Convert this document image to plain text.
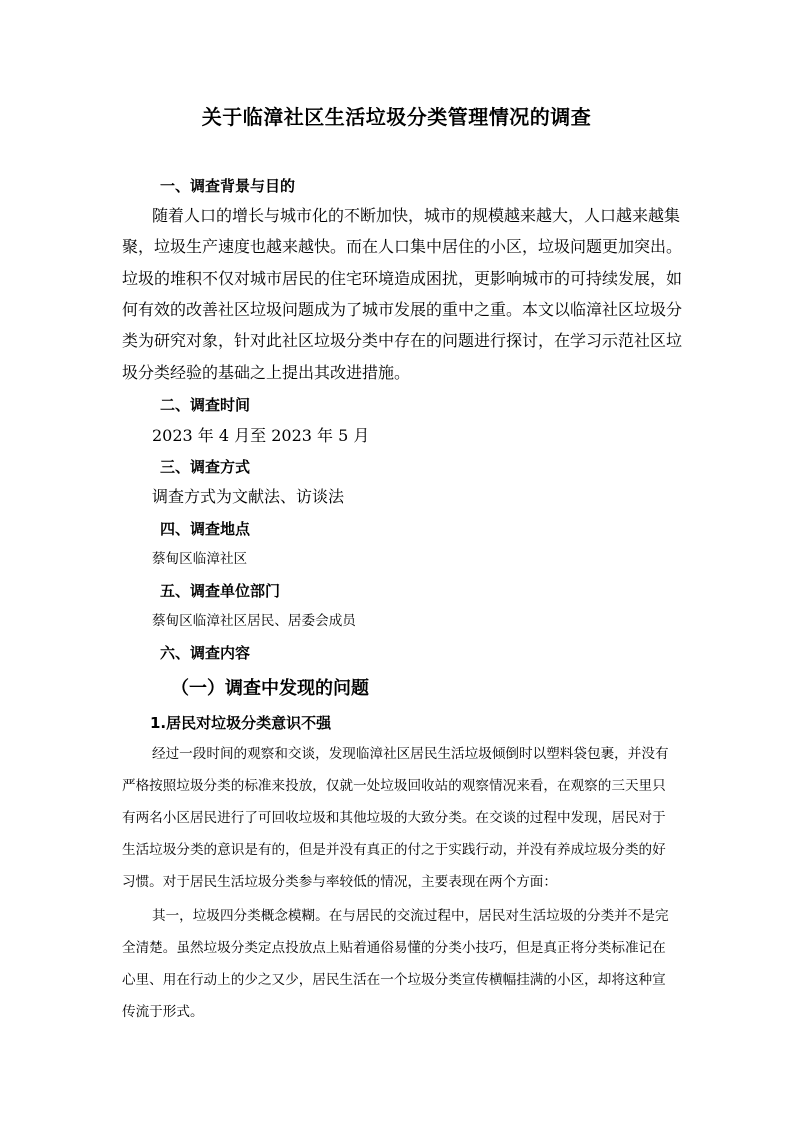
关于临漳社区生活垃圾分类管理情况的调查
一、调查背景与目的
随着人口的增长与城市化的不断加快，城市的规模越来越大，人口越来越集
聚，垃圾生产速度也越来越快。而在人口集中居住的小区，垃圾问题更加突出。
垃圾的堆积不仅对城市居民的住宅环境造成困扰，更影响城市的可持续发展，如
何有效的改善社区垃圾问题成为了城市发展的重中之重。本文以临漳社区垃圾分
类为研究对象，针对此社区垃圾分类中存在的问题进行探讨，在学习示范社区垃
圾分类经验的基础之上提出其改进措施。
二、调查时间
2023 年 4 月至 2023 年 5 月
三、调查方式
调查方式为文献法、访谈法
四、调查地点
蔡甸区临漳社区
五、调查单位部门
蔡甸区临漳社区居民、居委会成员
六、调查内容
（一）调查中发现的问题
1.居民对垃圾分类意识不强
经过一段时间的观察和交谈，发现临漳社区居民生活垃圾倾倒时以塑料袋包裹，并没有
严格按照垃圾分类的标准来投放，仅就一处垃圾回收站的观察情况来看，在观察的三天里只
有两名小区居民进行了可回收垃圾和其他垃圾的大致分类。在交谈的过程中发现，居民对于
生活垃圾分类的意识是有的，但是并没有真正的付之于实践行动，并没有养成垃圾分类的好
习惯。对于居民生活垃圾分类参与率较低的情况，主要表现在两个方面：
其一，垃圾四分类概念模糊。在与居民的交流过程中，居民对生活垃圾的分类并不是完
全清楚。虽然垃圾分类定点投放点上贴着通俗易懂的分类小技巧，但是真正将分类标准记在
心里、用在行动上的少之又少，居民生活在一个垃圾分类宣传横幅挂满的小区，却将这种宣
传流于形式。
